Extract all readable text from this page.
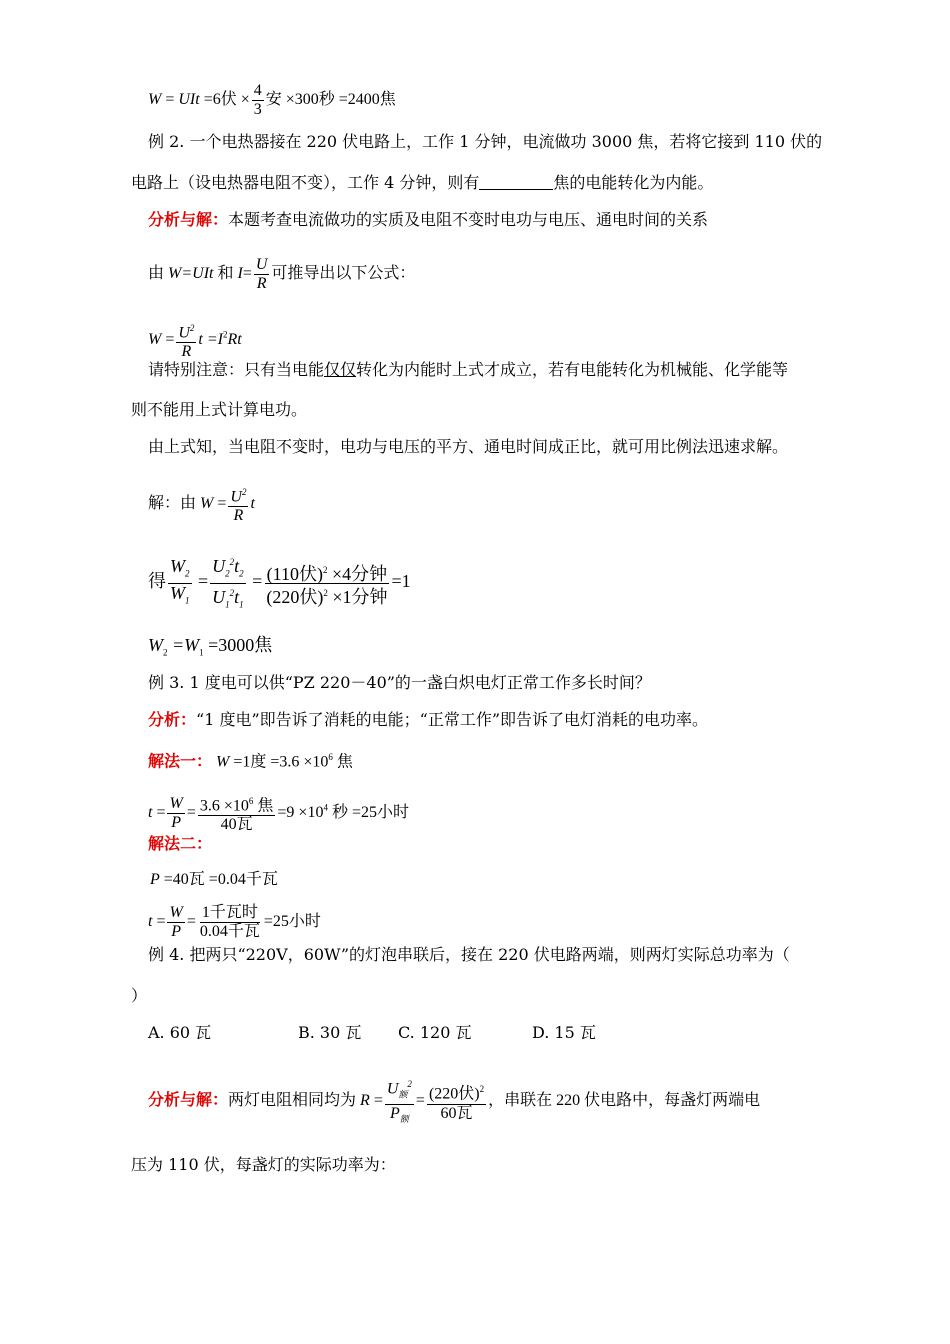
W = UIt =6伏 × $\frac{4}{3}$ 安 ×300秒 =2400焦
例 2. 一个电热器接在 220 伏电路上，工作 1 分钟，电流做功 3000 焦，若将它接到 110 伏的
电路上（设电热器电阻不变），工作 4 分钟，则有	焦的电能转化为内能。
分析与解：本题考查电流做功的实质及电阻不变时电功与电压、通电时间的关系
由 W=UIt 和 $I= \frac{U}{R}$ 可推导出以下公式：
$W = \frac{U^2}{R}$ $t =I^2Rt$
请特别注意：只有当电能仅仅转化为内能时上式才成立，若有电能转化为机械能、化学能等
则不能用上式计算电功。
由上式知，当电阻不变时，电功与电压的平方、通电时间成正比，就可用比例法迅速求解。
解：由 $W = \frac{U^2}{R}$ t
得 $\frac{W_2}{W_1} = \frac{U_2^2t_2}{U_1^2t_1} = \frac{(110伏)^2 \times 4分钟}{(220伏)^2 \times 1分钟} =1$
$W_2 =W_1 =3000$焦
例 3. 1 度电可以供“PZ 220－40”的一盏白炽电灯正常工作多长时间？
分析：“1 度电”即告诉了消耗的电能；“正常工作”即告诉了电灯消耗的电功率。
解法一： W =1度 $=3.6 \times 10^6$ 焦
$t = \frac{W}{P} = \frac{3.6 \times 10^6 焦}{\text{40瓦}} =9 \times 10^4$ 秒 =25小时
解法二：
P =40瓦 =0.04千瓦
$t = \frac{W}{P} = \frac{\text{1千瓦时}}{\text{0.04千瓦}} =25$小时
例 4. 把两只“220V，60W”的灯泡串联后，接在 220 伏电路两端，则两灯实际总功率为（
）
A. 60 瓦	B. 30 瓦 C. 120 瓦	D. 15 瓦
分析与解：两灯电阻相同均为 $R = \frac{U_额^2}{P_额} = \frac{(220伏)^2}{\text{60瓦}}$ ，串联在 220 伏电路中，每盏灯两端电
压为 110 伏，每盏灯的实际功率为：
